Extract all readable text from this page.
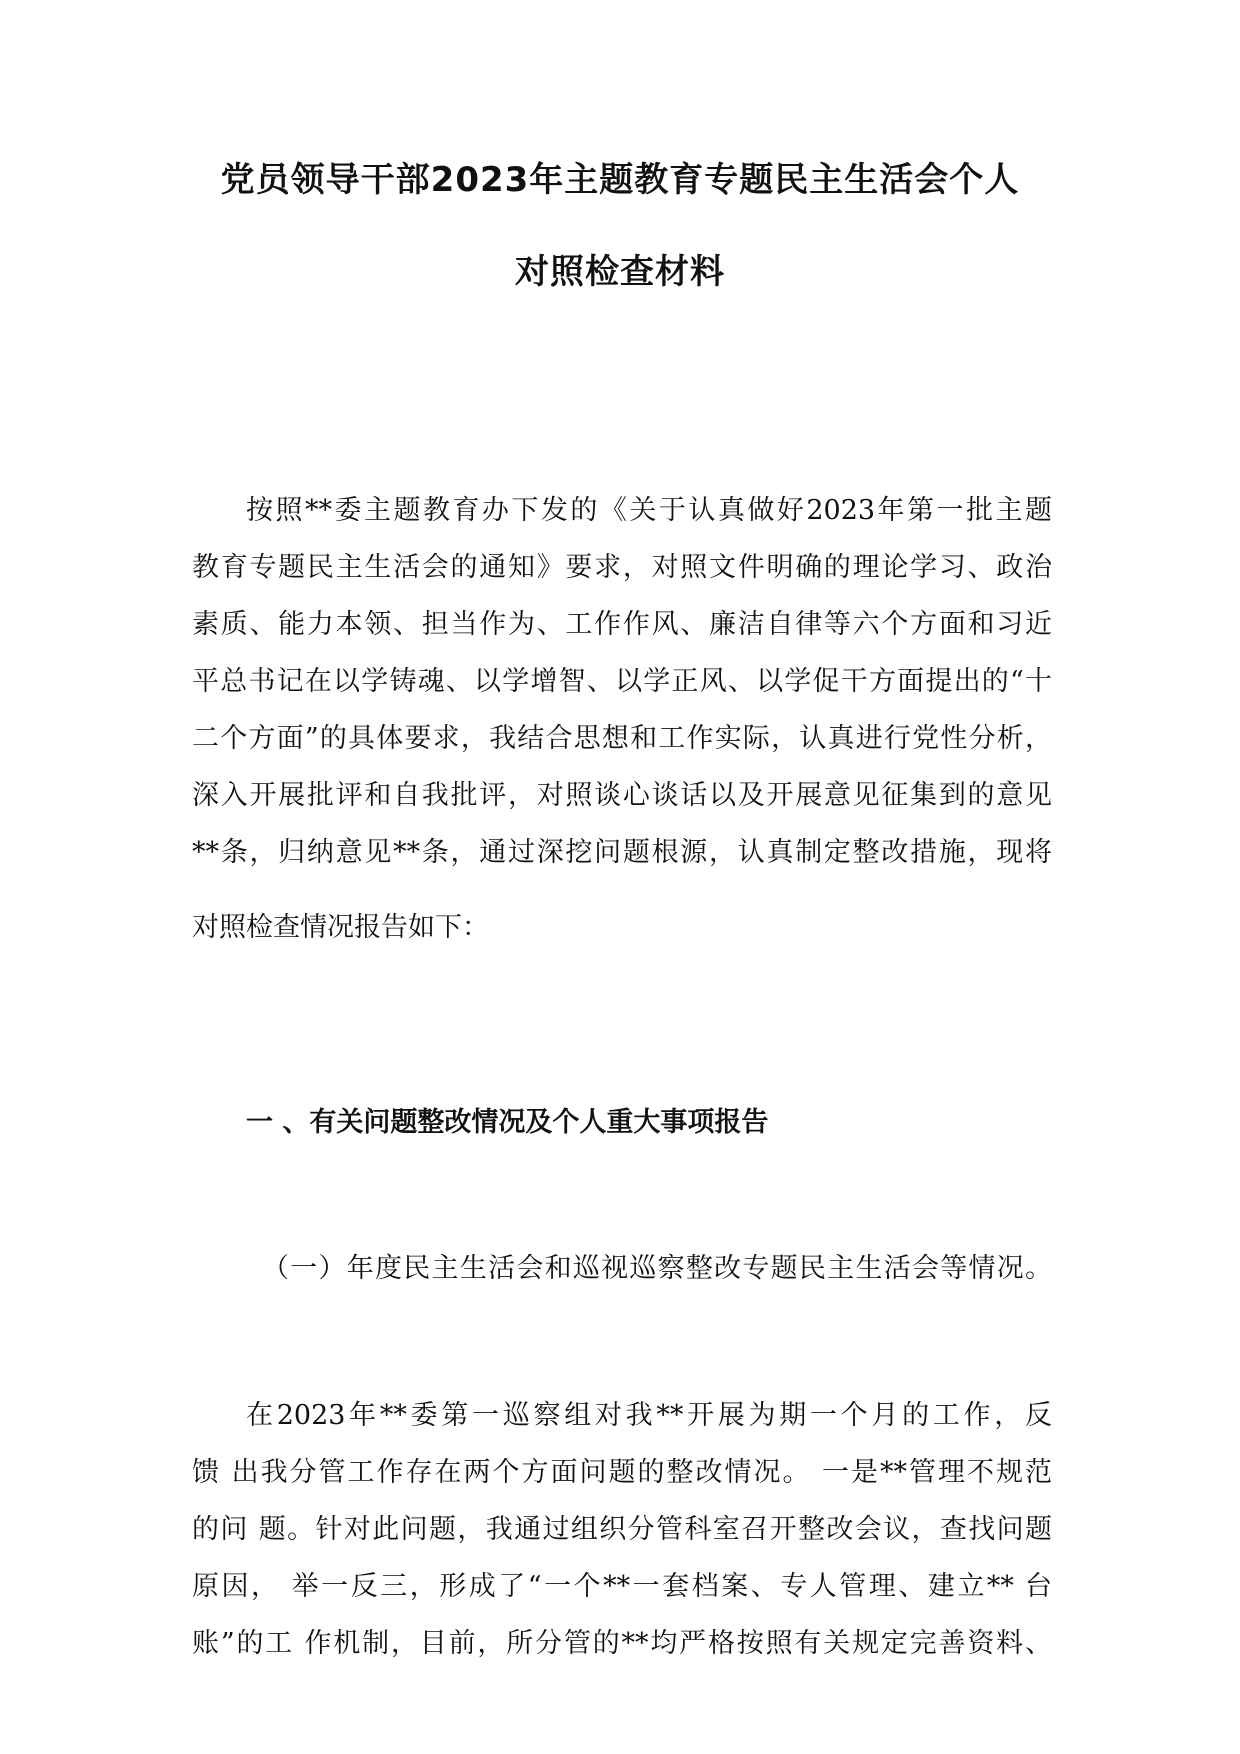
党员领导干部2023年主题教育专题民主生活会个人
对照检查材料
按照**委主题教育办下发的《关于认真做好2023年第一批主题
教育专题民主生活会的通知》要求，对照文件明确的理论学习、政治
素质、能力本领、担当作为、工作作风、廉洁自律等六个方面和习近
平总书记在以学铸魂、以学增智、以学正风、以学促干方面提出的“十
二个方面”的具体要求，我结合思想和工作实际，认真进行党性分析，
深入开展批评和自我批评，对照谈心谈话以及开展意见征集到的意见
**条，归纳意见**条，通过深挖问题根源，认真制定整改措施，现将
对照检查情况报告如下：
一 、有关问题整改情况及个人重大事项报告
（一）年度民主生活会和巡视巡察整改专题民主生活会等情况。
在2023年**委第一巡察组对我**开展为期一个月的工作，反
馈 出我分管工作存在两个方面问题的整改情况。 一是**管理不规范
的问 题。针对此问题，我通过组织分管科室召开整改会议，查找问题
原因， 举一反三，形成了“一个**一套档案、专人管理、建立** 台
账”的工 作机制，目前，所分管的**均严格按照有关规定完善资料、
